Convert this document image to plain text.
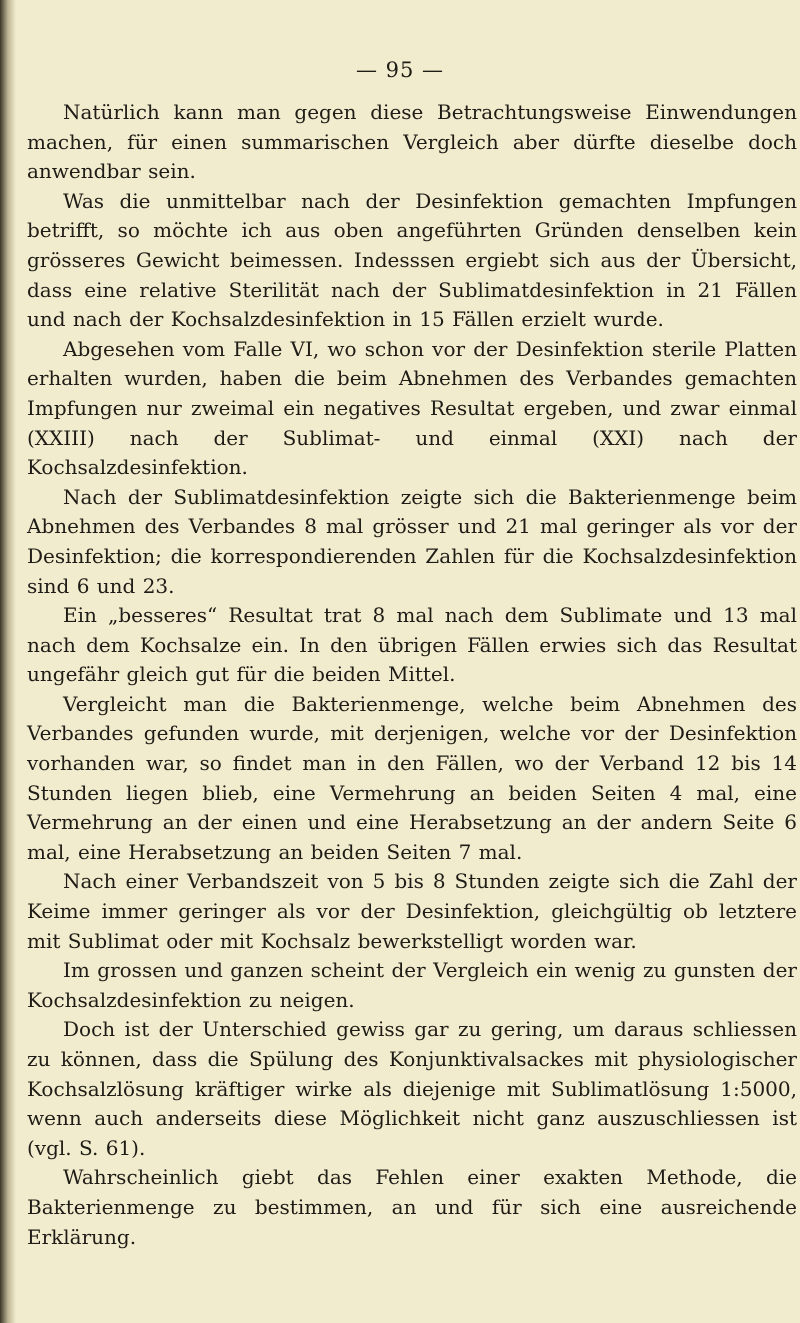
— 95 —

Natürlich kann man gegen diese Betrachtungsweise Einwendungen machen, für einen summarischen Vergleich aber dürfte dieselbe doch anwendbar sein.

Was die unmittelbar nach der Desinfektion gemachten Impfungen betrifft, so möchte ich aus oben angeführten Gründen denselben kein grösseres Gewicht beimessen. Indesssen ergiebt sich aus der Übersicht, dass eine relative Sterilität nach der Sublimatdesinfektion in 21 Fällen und nach der Kochsalzdesinfektion in 15 Fällen erzielt wurde.

Abgesehen vom Falle VI, wo schon vor der Desinfektion sterile Platten erhalten wurden, haben die beim Abnehmen des Verbandes gemachten Impfungen nur zweimal ein negatives Resultat ergeben, und zwar einmal (XXIII) nach der Sublimat- und einmal (XXI) nach der Kochsalzdesinfektion.

Nach der Sublimatdesinfektion zeigte sich die Bakterienmenge beim Abnehmen des Verbandes 8 mal grösser und 21 mal geringer als vor der Desinfektion; die korrespondierenden Zahlen für die Kochsalzdesinfektion sind 6 und 23.

Ein „besseres“ Resultat trat 8 mal nach dem Sublimate und 13 mal nach dem Kochsalze ein. In den übrigen Fällen erwies sich das Resultat ungefähr gleich gut für die beiden Mittel.

Vergleicht man die Bakterienmenge, welche beim Abnehmen des Verbandes gefunden wurde, mit derjenigen, welche vor der Desinfektion vorhanden war, so findet man in den Fällen, wo der Verband 12 bis 14 Stunden liegen blieb, eine Vermehrung an beiden Seiten 4 mal, eine Vermehrung an der einen und eine Herabsetzung an der andern Seite 6 mal, eine Herabsetzung an beiden Seiten 7 mal.

Nach einer Verbandszeit von 5 bis 8 Stunden zeigte sich die Zahl der Keime immer geringer als vor der Desinfektion, gleichgültig ob letztere mit Sublimat oder mit Kochsalz bewerkstelligt worden war.

Im grossen und ganzen scheint der Vergleich ein wenig zu gunsten der Kochsalzdesinfektion zu neigen.

Doch ist der Unterschied gewiss gar zu gering, um daraus schliessen zu können, dass die Spülung des Konjunktivalsackes mit physiologischer Kochsalzlösung kräftiger wirke als diejenige mit Sublimatlösung 1:5000, wenn auch anderseits diese Möglichkeit nicht ganz auszuschliessen ist (vgl. S. 61).

Wahrscheinlich giebt das Fehlen einer exakten Methode, die Bakterienmenge zu bestimmen, an und für sich eine ausreichende Erklärung.
